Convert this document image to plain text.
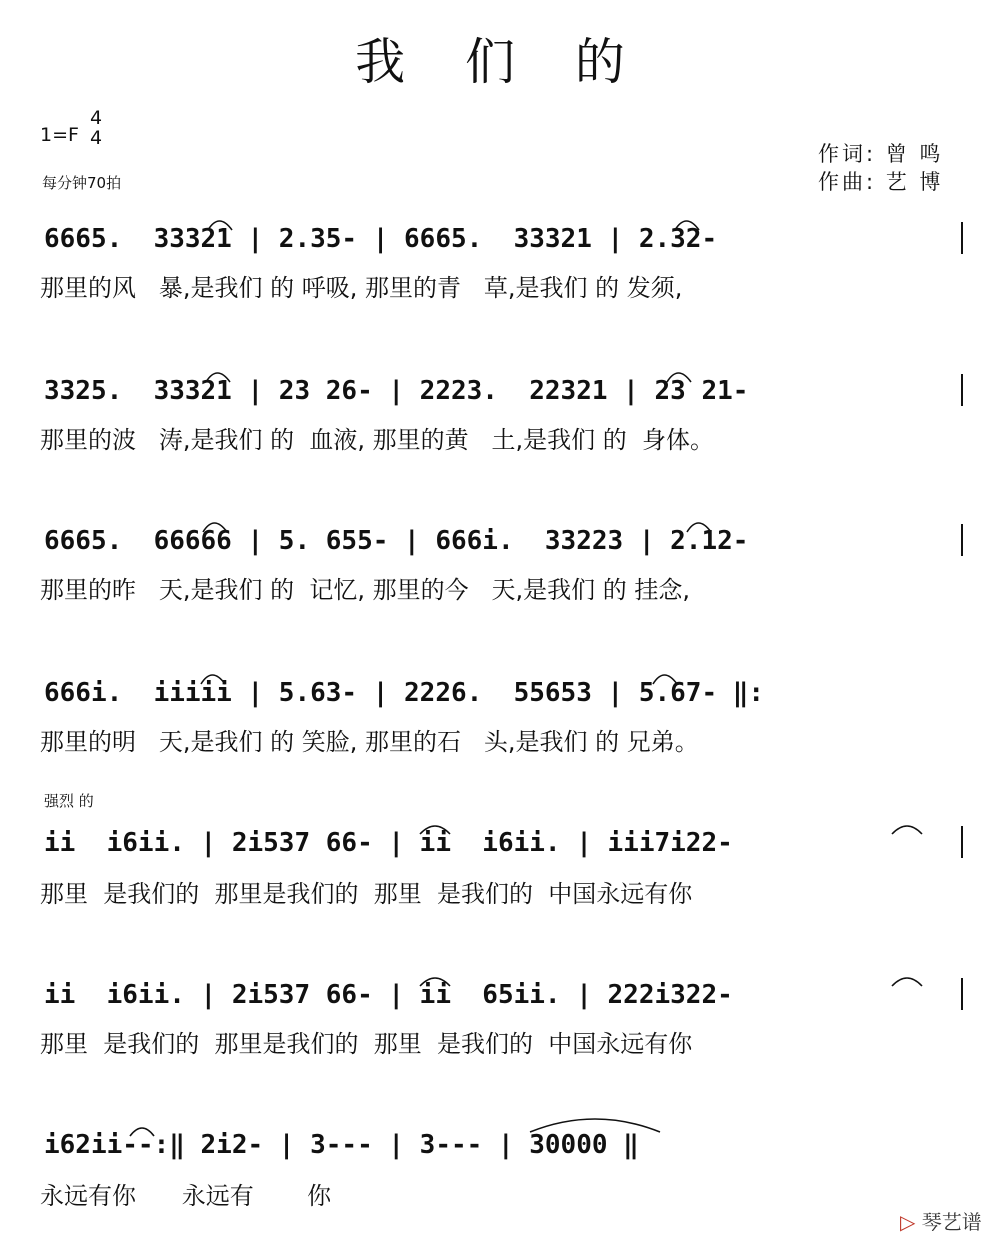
我 们 的
1=F
4
4
每分钟70拍
作词: 曾 鸣
作曲: 艺 博
6665.  33321 | 2.35- | 6665.  33321 | 2.32-
那里的风   暴,是我们 的 呼吸, 那里的青   草,是我们 的 发须,
3325.  33321 | 23 26- | 2223.  22321 | 23 21-
那里的波   涛,是我们 的  血液, 那里的黄   土,是我们 的  身体。
6665.  66666 | 5. 655- | 666i.  33223 | 2.12-
那里的昨   天,是我们 的  记忆, 那里的今   天,是我们 的 挂念,
666i.  iiiii | 5.63- | 2226.  55653 | 5.67- ‖:
那里的明   天,是我们 的 笑脸, 那里的石   头,是我们 的 兄弟。
强烈 的
ii  i6ii. | 2i537 66- | ii  i6ii. | iii7i22-
那里  是我们的  那里是我们的  那里  是我们的  中国永远有你
ii  i6ii. | 2i537 66- | ii  65ii. | 222i322-
那里  是我们的  那里是我们的  那里  是我们的  中国永远有你
i62ii--:‖ 2i2- | 3--- | 3--- | 30000 ‖
永远有你      永远有       你
▷ 琴艺谱
